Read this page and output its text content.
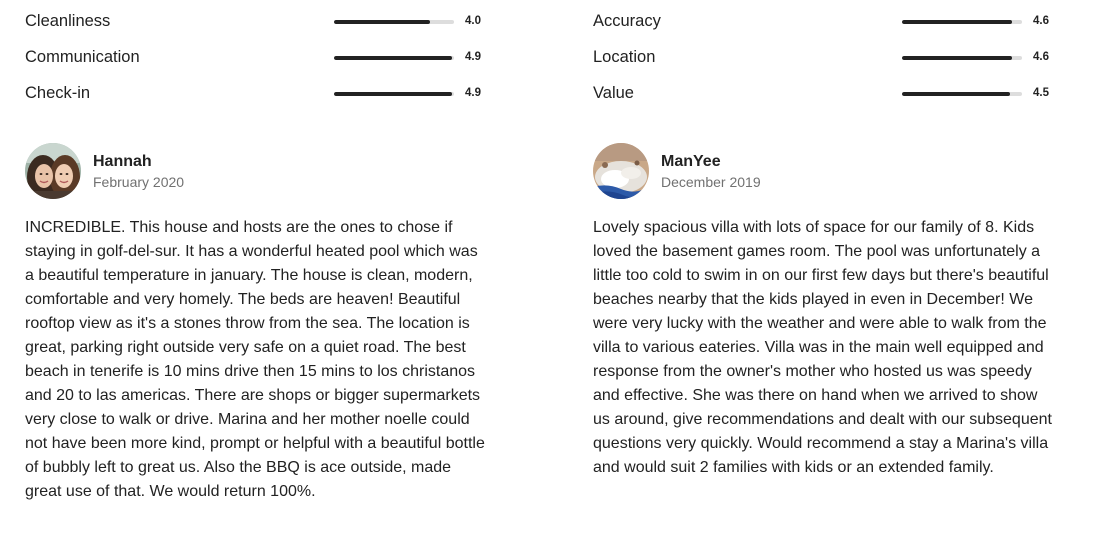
Cleanliness	4.0
Communication	4.9
Check-in	4.9
Accuracy	4.6
Location	4.6
Value	4.5
Hannah
February 2020

INCREDIBLE. This house and hosts are the ones to chose if staying in golf-del-sur. It has a wonderful heated pool which was a beautiful temperature in january. The house is clean, modern, comfortable and very homely. The beds are heaven! Beautiful rooftop view as it's a stones throw from the sea. The location is great, parking right outside very safe on a quiet road. The best beach in tenerife is 10 mins drive then 15 mins to los christanos and 20 to las americas. There are shops or bigger supermarkets very close to walk or drive. Marina and her mother noelle could not have been more kind, prompt or helpful with a beautiful bottle of bubbly left to great us. Also the BBQ is ace outside, made great use of that. We would return 100%.

ManYee
December 2019

Lovely spacious villa with lots of space for our family of 8. Kids loved the basement games room. The pool was unfortunately a little too cold to swim in on our first few days but there's beautiful beaches nearby that the kids played in even in December! We were very lucky with the weather and were able to walk from the villa to various eateries. Villa was in the main well equipped and response from the owner's mother who hosted us was speedy and effective. She was there on hand when we arrived to show us around, give recommendations and dealt with our subsequent questions very quickly. Would recommend a stay a Marina's villa and would suit 2 families with kids or an extended family.
